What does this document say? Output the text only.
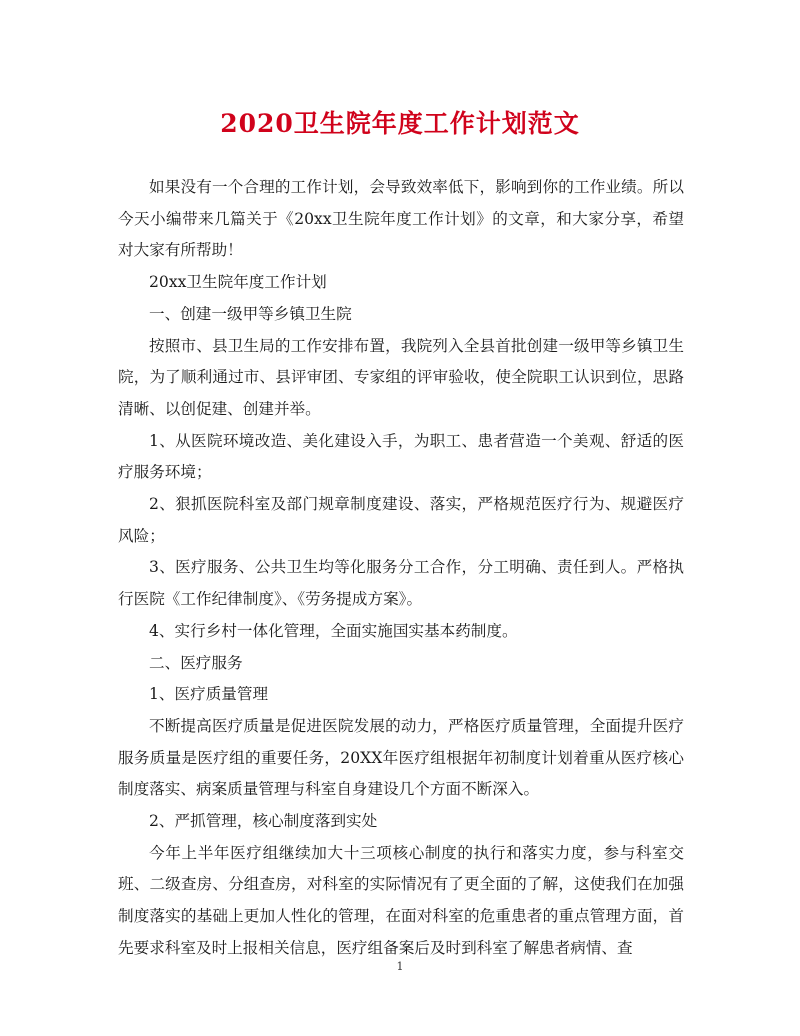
2020卫生院年度工作计划范文

如果没有一个合理的工作计划，会导致效率低下，影响到你的工作业绩。所以今天小编带来几篇关于《20xx卫生院年度工作计划》的文章，和大家分享，希望对大家有所帮助！

20xx卫生院年度工作计划

一、创建一级甲等乡镇卫生院

按照市、县卫生局的工作安排布置，我院列入全县首批创建一级甲等乡镇卫生院，为了顺利通过市、县评审团、专家组的评审验收，使全院职工认识到位，思路清晰、以创促建、创建并举。

1、从医院环境改造、美化建设入手，为职工、患者营造一个美观、舒适的医疗服务环境；

2、狠抓医院科室及部门规章制度建设、落实，严格规范医疗行为、规避医疗风险；

3、医疗服务、公共卫生均等化服务分工合作，分工明确、责任到人。严格执行医院《工作纪律制度》、《劳务提成方案》。

4、实行乡村一体化管理，全面实施国实基本药制度。

二、医疗服务

1、医疗质量管理

不断提高医疗质量是促进医院发展的动力，严格医疗质量管理，全面提升医疗服务质量是医疗组的重要任务，20XX年医疗组根据年初制度计划着重从医疗核心制度落实、病案质量管理与科室自身建设几个方面不断深入。

2、严抓管理，核心制度落到实处

今年上半年医疗组继续加大十三项核心制度的执行和落实力度，参与科室交班、二级查房、分组查房，对科室的实际情况有了更全面的了解，这使我们在加强制度落实的基础上更加人性化的管理，在面对科室的危重患者的重点管理方面，首先要求科室及时上报相关信息，医疗组备案后及时到科室了解患者病情、查

1
